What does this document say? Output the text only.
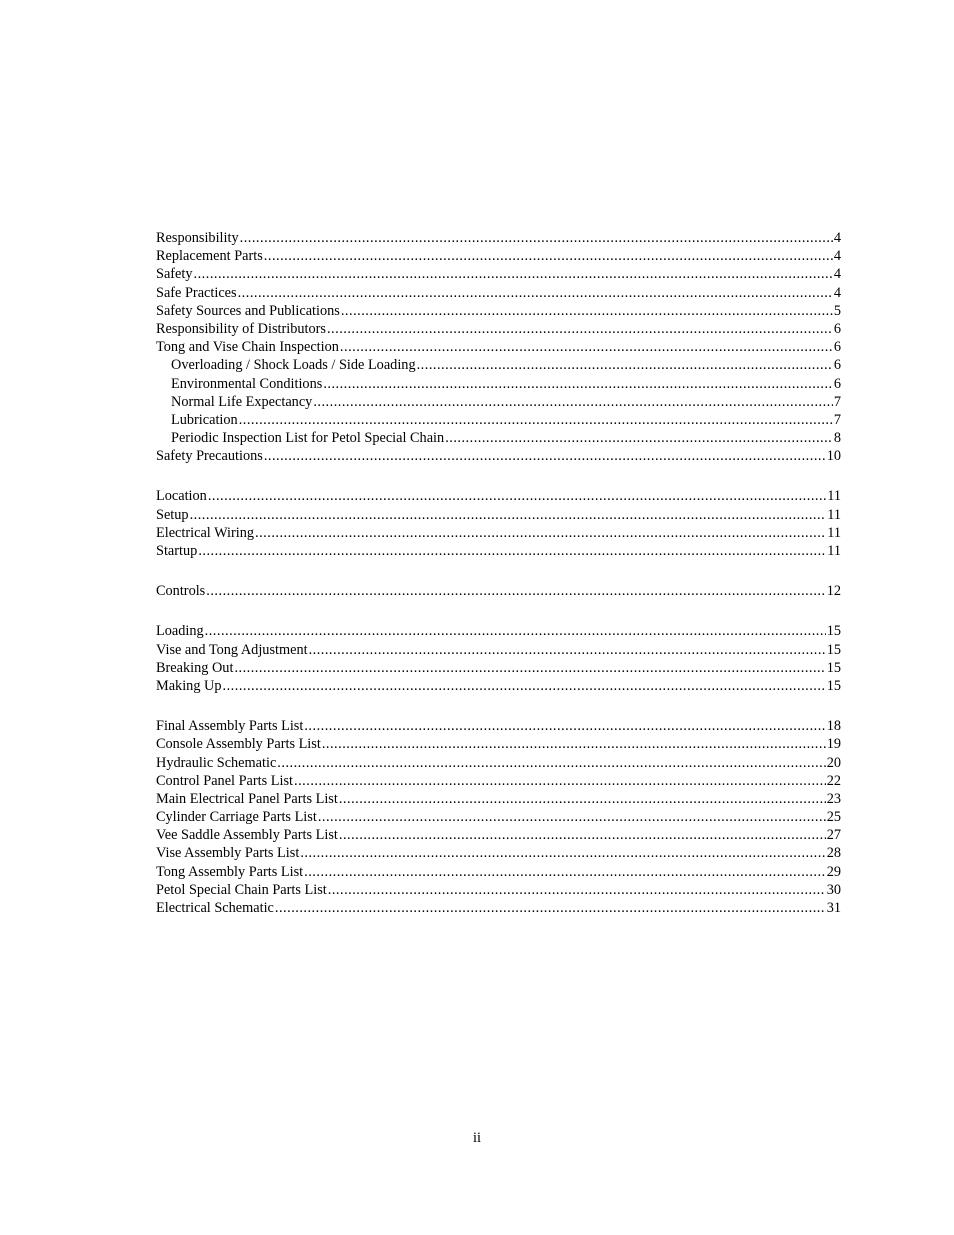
Responsibility .....	4
Replacement Parts .....	4
Safety .....	4
Safe Practices .....	4
Safety Sources and Publications .....	5
Responsibility of Distributors .....	6
Tong and Vise Chain Inspection .....	6
Overloading / Shock Loads / Side Loading .....	6
Environmental Conditions .....	6
Normal Life Expectancy .....	7
Lubrication .....	7
Periodic Inspection List for Petol Special Chain .....	8
Safety Precautions .....	10
Location .....	11
Setup .....	11
Electrical Wiring .....	11
Startup .....	11
Controls .....	12
Loading .....	15
Vise and Tong Adjustment .....	15
Breaking Out .....	15
Making Up .....	15
Final Assembly Parts List .....	18
Console Assembly Parts List .....	19
Hydraulic Schematic .....	20
Control Panel Parts List .....	22
Main Electrical Panel Parts List .....	23
Cylinder Carriage Parts List .....	25
Vee Saddle Assembly Parts List .....	27
Vise Assembly Parts List .....	28
Tong Assembly Parts List .....	29
Petol Special Chain Parts List .....	30
Electrical Schematic .....	31
ii
